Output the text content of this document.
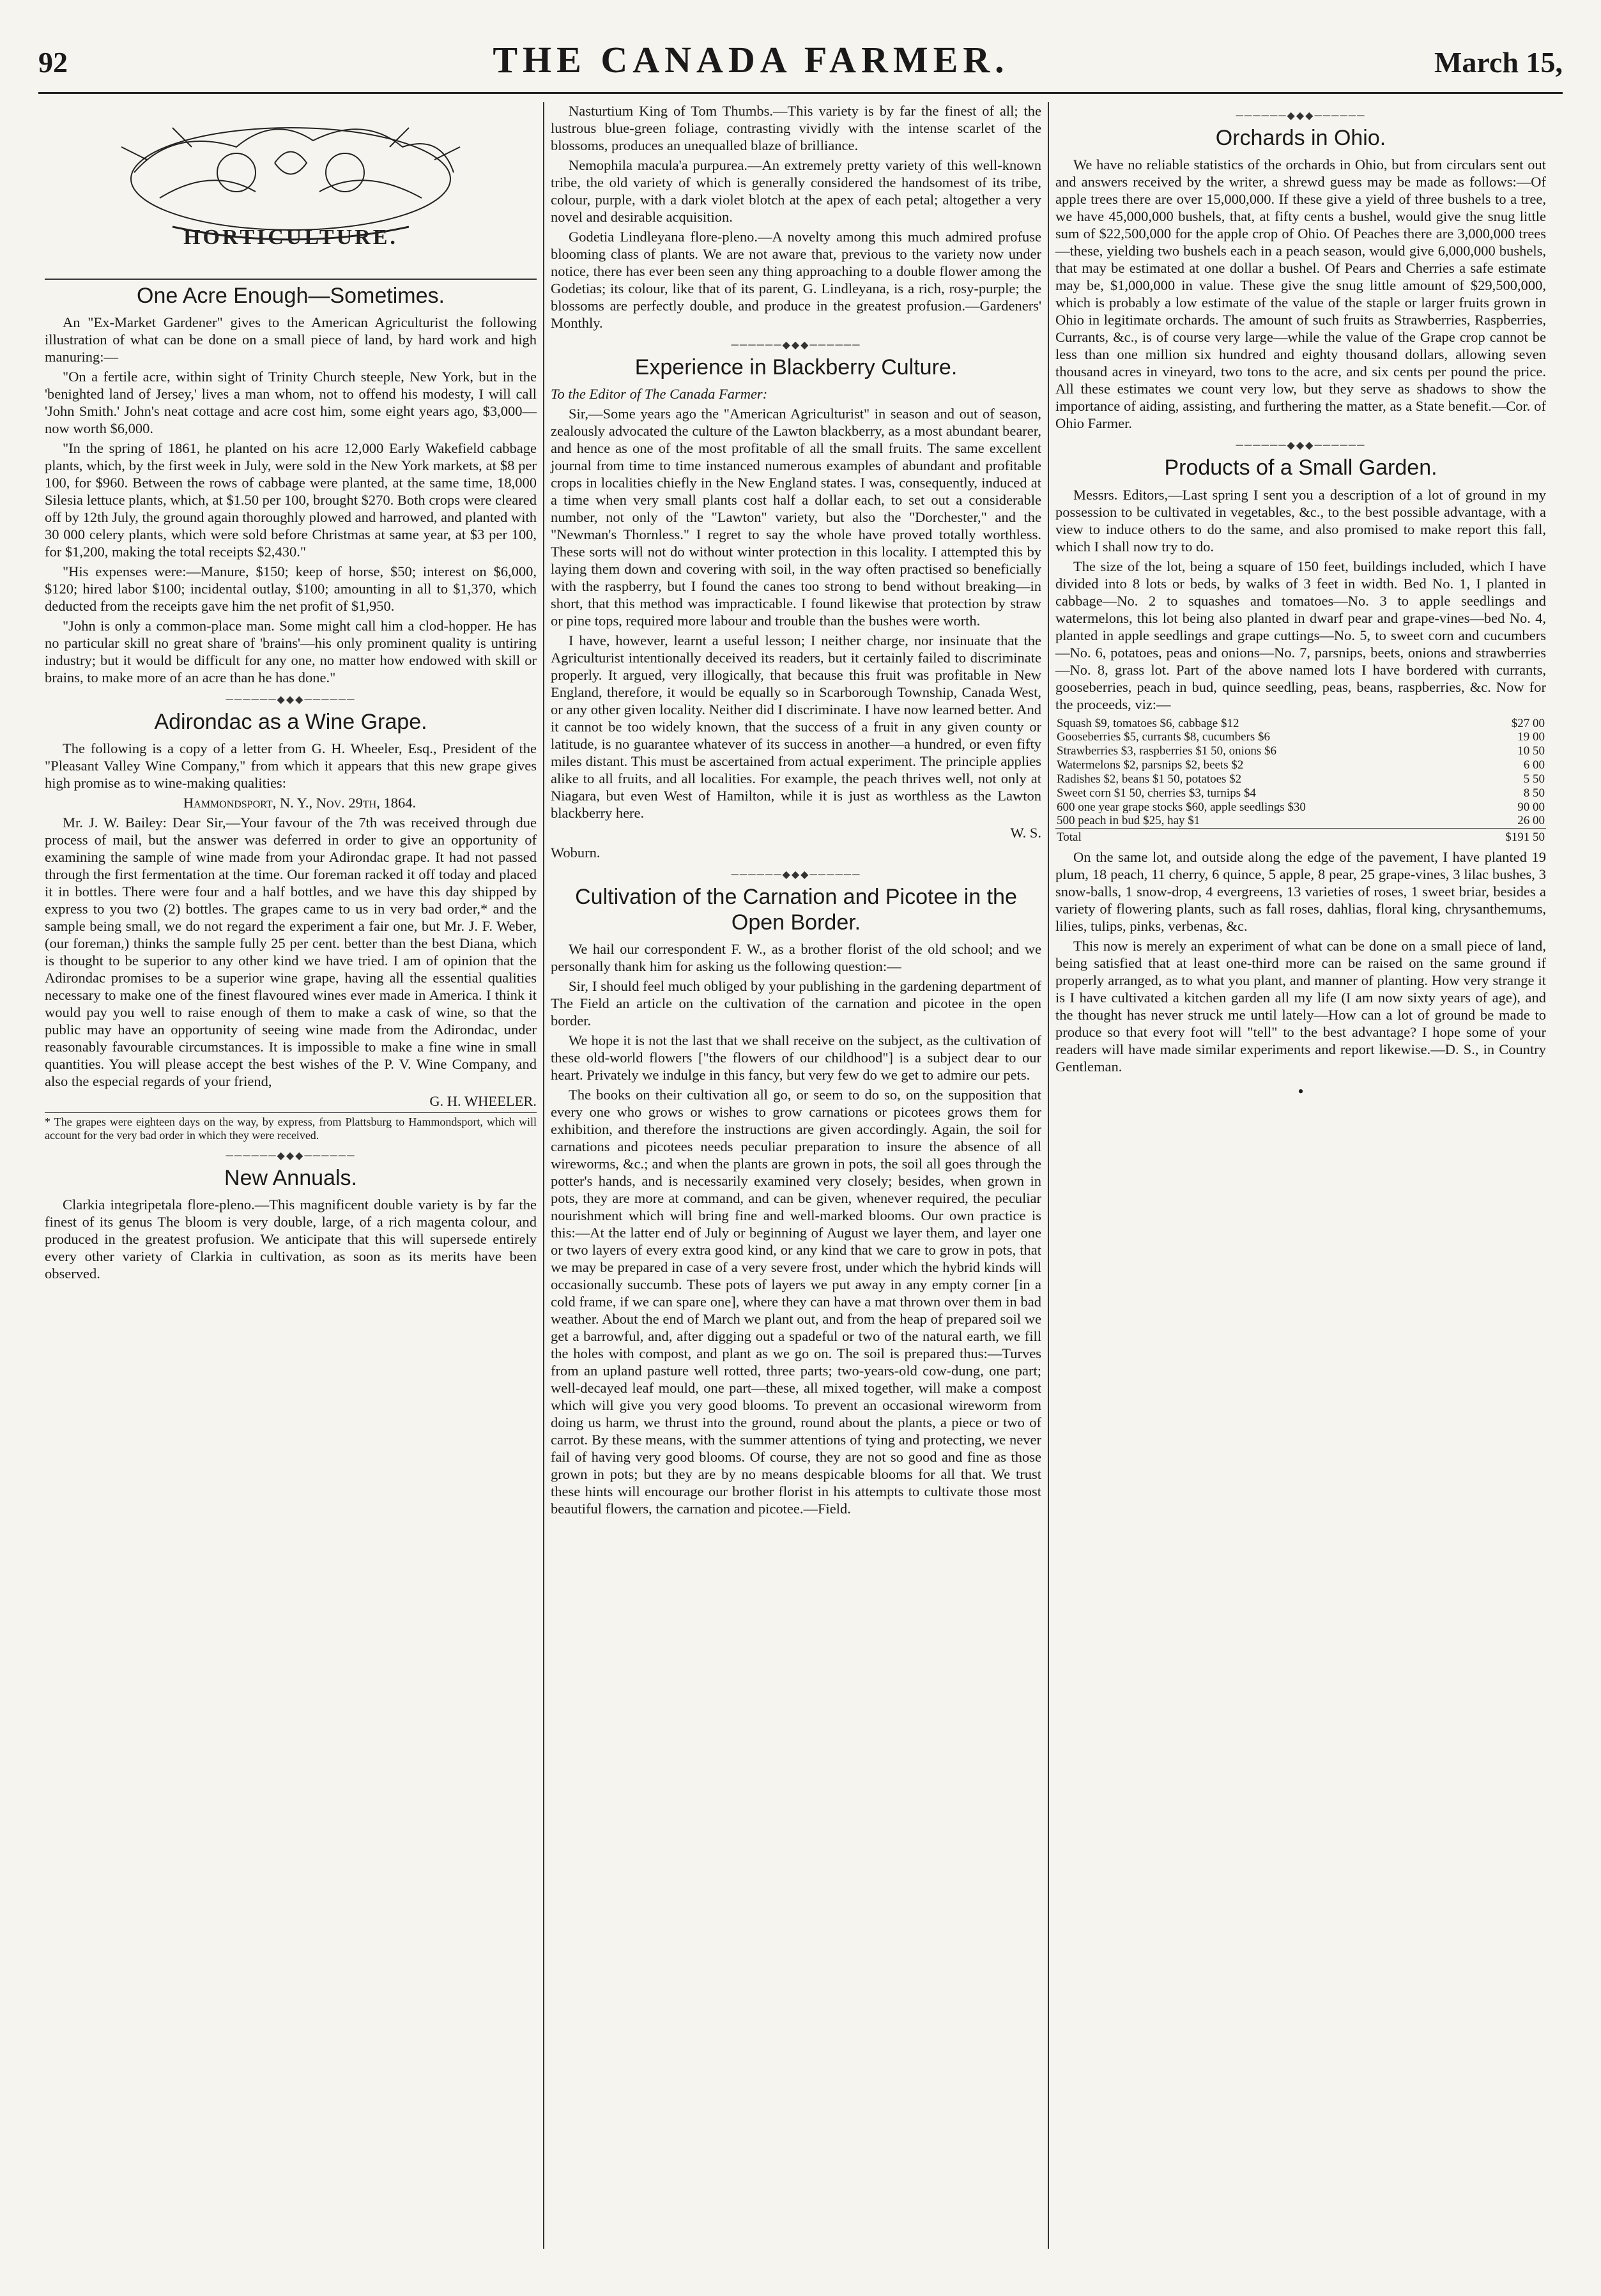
92	THE CANADA FARMER.	March 15,
HORTICULTURE.
One Acre Enough—Sometimes.

An "Ex-Market Gardener" gives to the American Agriculturist the following illustration of what can be done on a small piece of land, by hard work and high manuring:—

"On a fertile acre, within sight of Trinity Church steeple, New York, but in the 'benighted land of Jersey,' lives a man whom, not to offend his modesty, I will call 'John Smith.' John's neat cottage and acre cost him, some eight years ago, $3,000—now worth $6,000.

"In the spring of 1861, he planted on his acre 12,000 Early Wakefield cabbage plants, which, by the first week in July, were sold in the New York markets, at $8 per 100, for $960. Between the rows of cabbage were planted, at the same time, 18,000 Silesia lettuce plants, which, at $1.50 per 100, brought $270. Both crops were cleared off by 12th July, the ground again thoroughly plowed and harrowed, and planted with 30 000 celery plants, which were sold before Christmas at same year, at $3 per 100, for $1,200, making the total receipts $2,430."

"His expenses were:—Manure, $150; keep of horse, $50; interest on $6,000, $120; hired labor $100; incidental outlay, $100; amounting in all to $1,370, which deducted from the receipts gave him the net profit of $1,950.

"John is only a common-place man. Some might call him a clod-hopper. He has no particular skill no great share of 'brains'—his only prominent quality is untiring industry; but it would be difficult for any one, no matter how endowed with skill or brains, to make more of an acre than he has done."

──────◆◆◆──────
Adirondac as a Wine Grape.

The following is a copy of a letter from G. H. Wheeler, Esq., President of the "Pleasant Valley Wine Company," from which it appears that this new grape gives high promise as to wine-making qualities:

Hammondsport, N. Y., Nov. 29th, 1864.

Mr. J. W. Bailey: Dear Sir,—Your favour of the 7th was received through due process of mail, but the answer was deferred in order to give an opportunity of examining the sample of wine made from your Adirondac grape. It had not passed through the first fermentation at the time. Our foreman racked it off today and placed it in bottles. There were four and a half bottles, and we have this day shipped by express to you two (2) bottles. The grapes came to us in very bad order,* and the sample being small, we do not regard the experiment a fair one, but Mr. J. F. Weber, (our foreman,) thinks the sample fully 25 per cent. better than the best Diana, which is thought to be superior to any other kind we have tried. I am of opinion that the Adirondac promises to be a superior wine grape, having all the essential qualities necessary to make one of the finest flavoured wines ever made in America. I think it would pay you well to raise enough of them to make a cask of wine, so that the public may have an opportunity of seeing wine made from the Adirondac, under reasonably favourable circumstances. It is impossible to make a fine wine in small quantities. You will please accept the best wishes of the P. V. Wine Company, and also the especial regards of your friend,

G. H. WHEELER.

* The grapes were eighteen days on the way, by express, from Plattsburg to Hammondsport, which will account for the very bad order in which they were received.

──────◆◆◆──────
New Annuals.

Clarkia integripetala flore-pleno.—This magnificent double variety is by far the finest of its genus The bloom is very double, large, of a rich magenta colour, and produced in the greatest profusion. We anticipate that this will supersede entirely every other variety of Clarkia in cultivation, as soon as its merits have been observed.

Nasturtium King of Tom Thumbs.—This variety is by far the finest of all; the lustrous blue-green foliage, contrasting vividly with the intense scarlet of the blossoms, produces an unequalled blaze of brilliance.

Nemophila macula'a purpurea.—An extremely pretty variety of this well-known tribe, the old variety of which is generally considered the handsomest of its tribe, colour, purple, with a dark violet blotch at the apex of each petal; altogether a very novel and desirable acquisition.

Godetia Lindleyana flore-pleno.—A novelty among this much admired profuse blooming class of plants. We are not aware that, previous to the variety now under notice, there has ever been seen any thing approaching to a double flower among the Godetias; its colour, like that of its parent, G. Lindleyana, is a rich, rosy-purple; the blossoms are perfectly double, and produce in the greatest profusion.—Gardeners' Monthly.

──────◆◆◆──────
Experience in Blackberry Culture.

To the Editor of The Canada Farmer:

Sir,—Some years ago the "American Agriculturist" in season and out of season, zealously advocated the culture of the Lawton blackberry, as a most abundant bearer, and hence as one of the most profitable of all the small fruits. The same excellent journal from time to time instanced numerous examples of abundant and profitable crops in localities chiefly in the New England states. I was, consequently, induced at a time when very small plants cost half a dollar each, to set out a considerable number, not only of the "Lawton" variety, but also the "Dorchester," and the "Newman's Thornless." I regret to say the whole have proved totally worthless. These sorts will not do without winter protection in this locality. I attempted this by laying them down and covering with soil, in the way often practised so beneficially with the raspberry, but I found the canes too strong to bend without breaking—in short, that this method was impracticable. I found likewise that protection by straw or pine tops, required more labour and trouble than the bushes were worth.

I have, however, learnt a useful lesson; I neither charge, nor insinuate that the Agriculturist intentionally deceived its readers, but it certainly failed to discriminate properly. It argued, very illogically, that because this fruit was profitable in New England, therefore, it would be equally so in Scarborough Township, Canada West, or any other given locality. Neither did I discriminate. I have now learned better. And it cannot be too widely known, that the success of a fruit in any given county or latitude, is no guarantee whatever of its success in another—a hundred, or even fifty miles distant. This must be ascertained from actual experiment. The principle applies alike to all fruits, and all localities. For example, the peach thrives well, not only at Niagara, but even West of Hamilton, while it is just as worthless as the Lawton blackberry here.

W. S.

Woburn.

──────◆◆◆──────
Cultivation of the Carnation and Picotee in the Open Border.

We hail our correspondent F. W., as a brother florist of the old school; and we personally thank him for asking us the following question:—

Sir, I should feel much obliged by your publishing in the gardening department of The Field an article on the cultivation of the carnation and picotee in the open border.

We hope it is not the last that we shall receive on the subject, as the cultivation of these old-world flowers ["the flowers of our childhood"] is a subject dear to our heart. Privately we indulge in this fancy, but very few do we get to admire our pets.

The books on their cultivation all go, or seem to do so, on the supposition that every one who grows or wishes to grow carnations or picotees grows them for exhibition, and therefore the instructions are given accordingly. Again, the soil for carnations and picotees needs peculiar preparation to insure the absence of all wireworms, &c.; and when the plants are grown in pots, the soil all goes through the potter's hands, and is necessarily examined very closely; besides, when grown in pots, they are more at command, and can be given, whenever required, the peculiar nourishment which will bring fine and well-marked blooms. Our own practice is this:—At the latter end of July or beginning of August we layer them, and layer one or two layers of every extra good kind, or any kind that we care to grow in pots, that we may be prepared in case of a very severe frost, under which the hybrid kinds will occasionally succumb. These pots of layers we put away in any empty corner [in a cold frame, if we can spare one], where they can have a mat thrown over them in bad weather. About the end of March we plant out, and from the heap of prepared soil we get a barrowful, and, after digging out a spadeful or two of the natural earth, we fill the holes with compost, and plant as we go on. The soil is prepared thus:—Turves from an upland pasture well rotted, three parts; two-years-old cow-dung, one part; well-decayed leaf mould, one part—these, all mixed together, will make a compost which will give you very good blooms. To prevent an occasional wireworm from doing us harm, we thrust into the ground, round about the plants, a piece or two of carrot. By these means, with the summer attentions of tying and protecting, we never fail of having very good blooms. Of course, they are not so good and fine as those grown in pots; but they are by no means despicable blooms for all that. We trust these hints will encourage our brother florist in his attempts to cultivate those most beautiful flowers, the carnation and picotee.—Field.

──────◆◆◆──────
Orchards in Ohio.

We have no reliable statistics of the orchards in Ohio, but from circulars sent out and answers received by the writer, a shrewd guess may be made as follows:—Of apple trees there are over 15,000,000. If these give a yield of three bushels to a tree, we have 45,000,000 bushels, that, at fifty cents a bushel, would give the snug little sum of $22,500,000 for the apple crop of Ohio. Of Peaches there are 3,000,000 trees—these, yielding two bushels each in a peach season, would give 6,000,000 bushels, that may be estimated at one dollar a bushel. Of Pears and Cherries a safe estimate may be, $1,000,000 in value. These give the snug little amount of $29,500,000, which is probably a low estimate of the value of the staple or larger fruits grown in Ohio in legitimate orchards. The amount of such fruits as Strawberries, Raspberries, Currants, &c., is of course very large—while the value of the Grape crop cannot be less than one million six hundred and eighty thousand dollars, allowing seven thousand acres in vineyard, two tons to the acre, and six cents per pound the price. All these estimates we count very low, but they serve as shadows to show the importance of aiding, assisting, and furthering the matter, as a State benefit.—Cor. of Ohio Farmer.

──────◆◆◆──────
Products of a Small Garden.

Messrs. Editors,—Last spring I sent you a description of a lot of ground in my possession to be cultivated in vegetables, &c., to the best possible advantage, with a view to induce others to do the same, and also promised to make report this fall, which I shall now try to do.

The size of the lot, being a square of 150 feet, buildings included, which I have divided into 8 lots or beds, by walks of 3 feet in width. Bed No. 1, I planted in cabbage—No. 2 to squashes and tomatoes—No. 3 to apple seedlings and watermelons, this lot being also planted in dwarf pear and grape-vines—bed No. 4, planted in apple seedlings and grape cuttings—No. 5, to sweet corn and cucumbers—No. 6, potatoes, peas and onions—No. 7, parsnips, beets, onions and strawberries—No. 8, grass lot. Part of the above named lots I have bordered with currants, gooseberries, peach in bud, quince seedling, peas, beans, raspberries, &c. Now for the proceeds, viz:—

Squash $9, tomatoes $6, cabbage $12	$27 00
Gooseberries $5, currants $8, cucumbers $6	19 00
Strawberries $3, raspberries $1 50, onions $6	10 50
Watermelons $2, parsnips $2, beets $2	6 00
Radishes $2, beans $1 50, potatoes $2	5 50
Sweet corn $1 50, cherries $3, turnips $4	8 50
600 one year grape stocks $60, apple seedlings $30	90 00
500 peach in bud $25, hay $1	26 00
Total	$191 50

On the same lot, and outside along the edge of the pavement, I have planted 19 plum, 18 peach, 11 cherry, 6 quince, 5 apple, 8 pear, 25 grape-vines, 3 lilac bushes, 3 snow-balls, 1 snow-drop, 4 evergreens, 13 varieties of roses, 1 sweet briar, besides a variety of flowering plants, such as fall roses, dahlias, floral king, chrysanthemums, lilies, tulips, pinks, verbenas, &c.

This now is merely an experiment of what can be done on a small piece of land, being satisfied that at least one-third more can be raised on the same ground if properly arranged, as to what you plant, and manner of planting. How very strange it is I have cultivated a kitchen garden all my life (I am now sixty years of age), and the thought has never struck me until lately—How can a lot of ground be made to produce so that every foot will "tell" to the best advantage? I hope some of your readers will have made similar experiments and report likewise.—D. S., in Country Gentleman.

•
